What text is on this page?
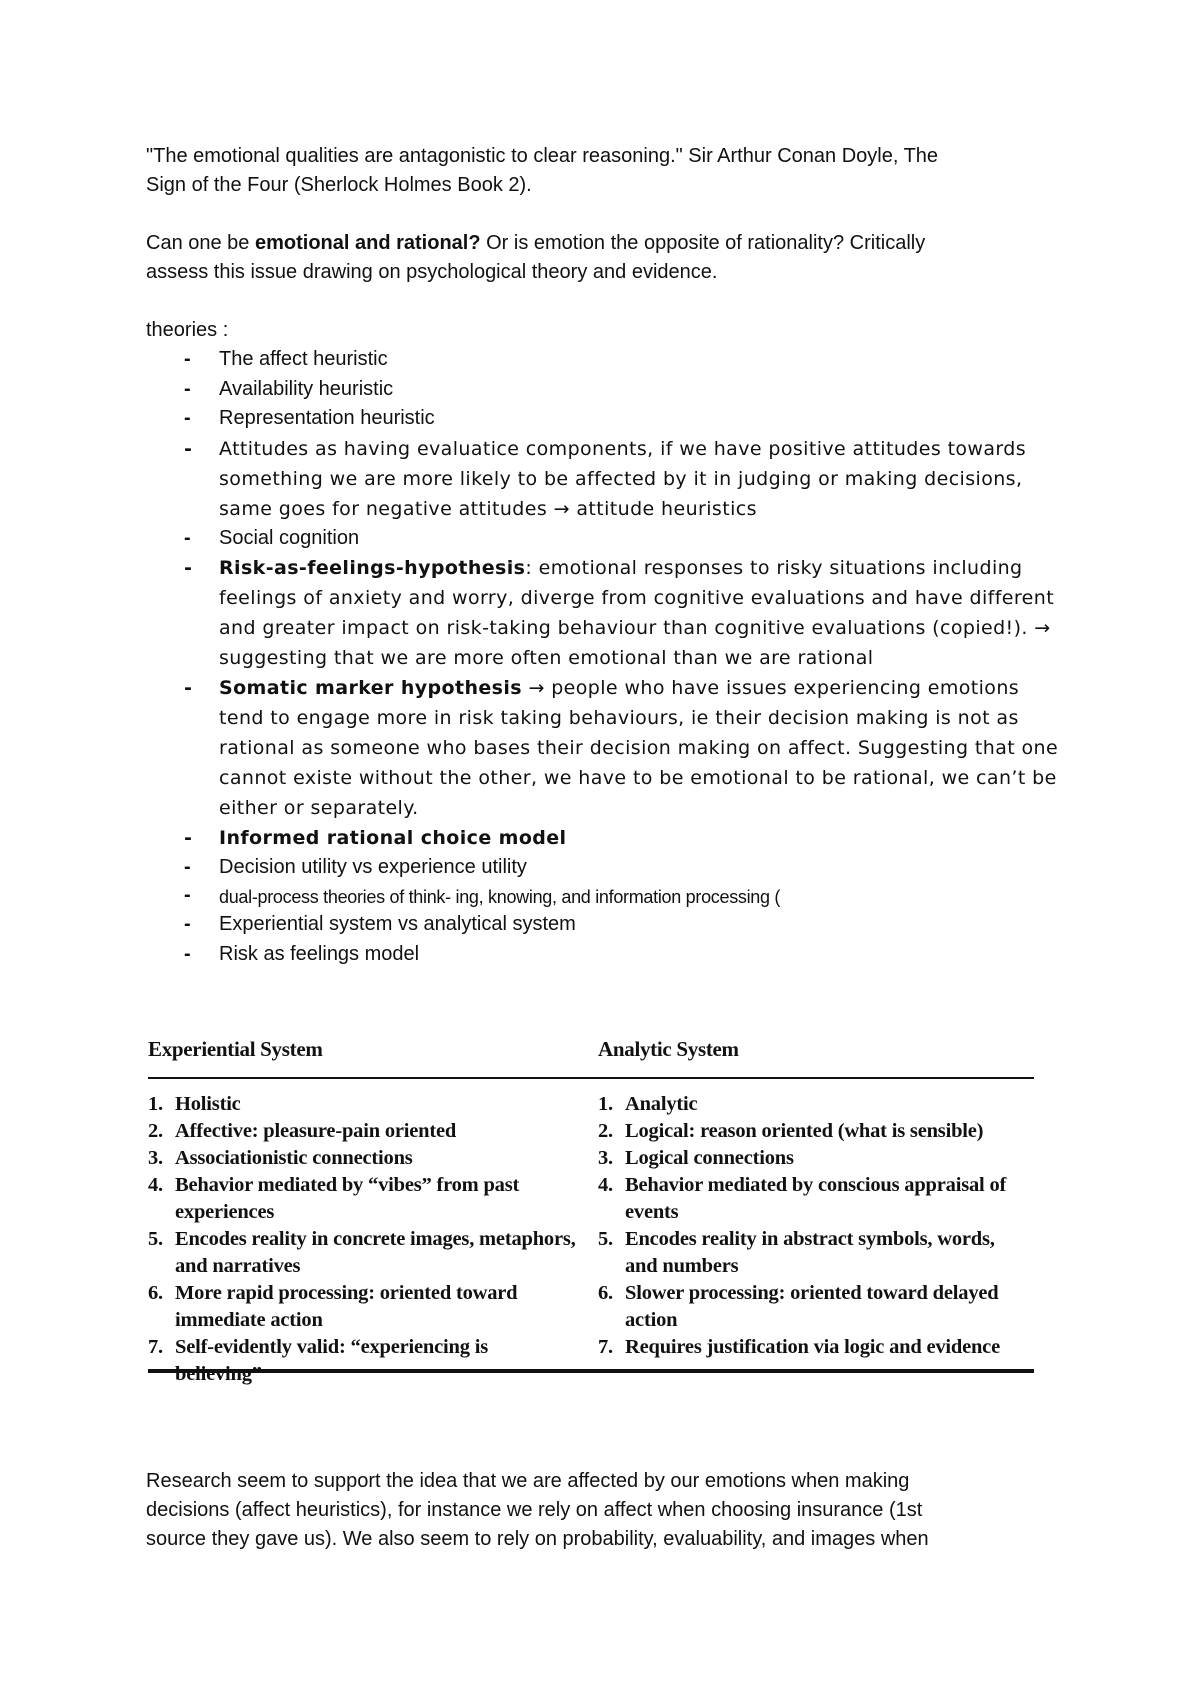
"The emotional qualities are antagonistic to clear reasoning." Sir Arthur Conan Doyle, The

Sign of the Four (Sherlock Holmes Book 2).

Can one be emotional and rational? Or is emotion the opposite of rationality? Critically

assess this issue drawing on psychological theory and evidence.

theories :

- The affect heuristic
- Availability heuristic
- Representation heuristic
- Attitudes as having evaluatice components, if we have positive attitudes towards something we are more likely to be affected by it in judging or making decisions, same goes for negative attitudes → attitude heuristics
- Social cognition
- Risk-as-feelings-hypothesis: emotional responses to risky situations including feelings of anxiety and worry, diverge from cognitive evaluations and have different and greater impact on risk-taking behaviour than cognitive evaluations (copied!). → suggesting that we are more often emotional than we are rational
- Somatic marker hypothesis → people who have issues experiencing emotions tend to engage more in risk taking behaviours, ie their decision making is not as rational as someone who bases their decision making on affect. Suggesting that one cannot existe without the other, we have to be emotional to be rational, we can’t be either or separately.
- Informed rational choice model
- Decision utility vs experience utility
- dual-process theories of think- ing, knowing, and information processing (
- Experiential system vs analytical system
- Risk as feelings model
Experiential System	Analytic System
1. Holistic
2. Affective: pleasure-pain oriented
3. Associationistic connections
4. Behavior mediated by “vibes” from past experiences
5. Encodes reality in concrete images, metaphors, and narratives
6. More rapid processing: oriented toward immediate action
7. Self-evidently valid: “experiencing is believing”
1. Analytic
2. Logical: reason oriented (what is sensible)
3. Logical connections
4. Behavior mediated by conscious appraisal of events
5. Encodes reality in abstract symbols, words, and numbers
6. Slower processing: oriented toward delayed action
7. Requires justification via logic and evidence

Research seem to support the idea that we are affected by our emotions when making

decisions (affect heuristics), for instance we rely on affect when choosing insurance (1st

source they gave us). We also seem to rely on probability, evaluability, and images when
